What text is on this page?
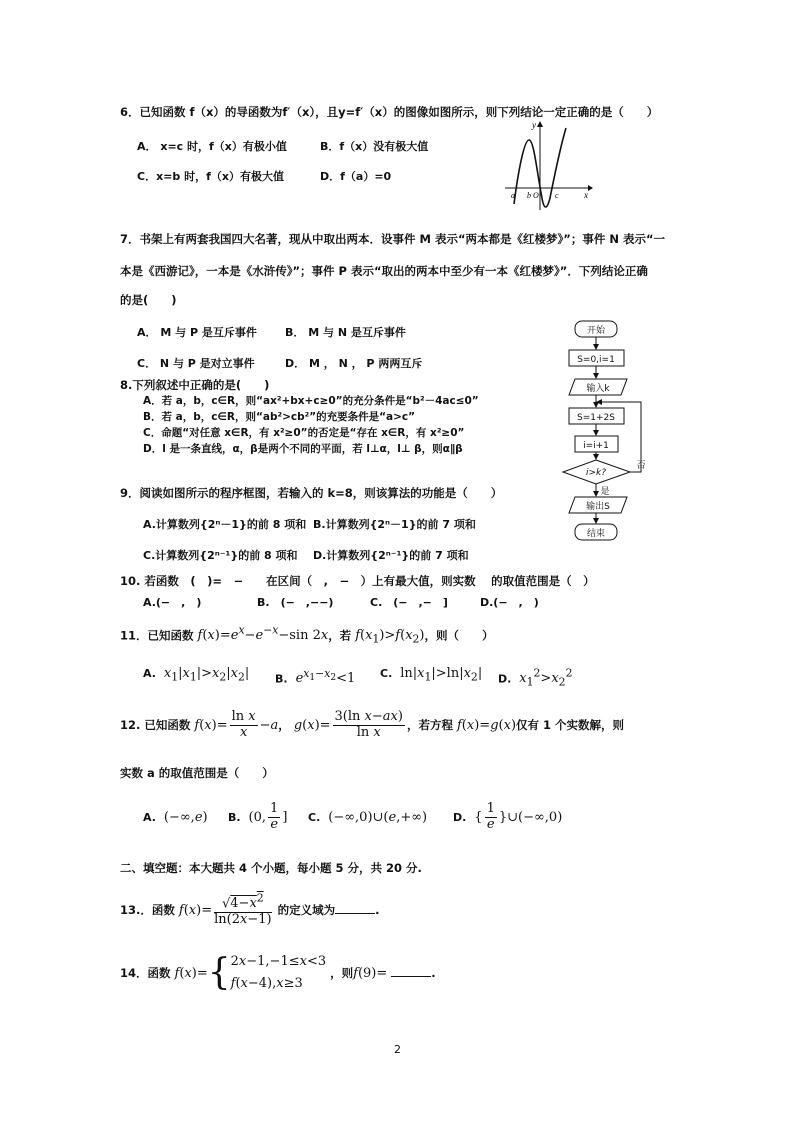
6．已知函数 f（x）的导函数为f′（x），且y=f′（x）的图像如图所示，则下列结论一定正确的是（　　）
A． x=c 时，f（x）有极小值	B．f（x）没有极大值
C．x=b 时，f（x）有极大值	D．f（a）=0
y
x
a b O c
7．书架上有两套我国四大名著，现从中取出两本．设事件 M 表示“两本都是《红楼梦》”；事件 N 表示“一
本是《西游记》，一本是《水浒传》”；事件 P 表示“取出的两本中至少有一本《红楼梦》”．下列结论正确
的是(　　)
A． M 与 P 是互斥事件	B． M 与 N 是互斥事件
C． N 与 P 是对立事件	D． M ， N ， P 两两互斥
8.下列叙述中正确的是(　　)
A．若 a，b，c∈R，则“ax²+bx+c≥0”的充分条件是“b²－4ac≤0”
B．若 a，b，c∈R，则“ab²>cb²”的充要条件是“a>c”
C．命题“对任意 x∈R，有 x²≥0”的否定是“存在 x∈R，有 x²≥0”
D．l 是一条直线，α，β是两个不同的平面，若 l⊥α，l⊥ β，则α∥β
开始
S=0,i=1
输入k
S=1+2S
i=i+1
i>k?
否
是
输出S
结束
9．阅读如图所示的程序框图，若输入的 k=8，则该算法的功能是（　　）
A.计算数列{2ⁿ－1}的前 8 项和 B.计算数列{2ⁿ－1}的前 7 项和
C.计算数列{2ⁿ⁻¹}的前 8 项和 D.计算数列{2ⁿ⁻¹}的前 7 项和
10. 若函数　(　)=　−　　在区间（　,　−　）上有最大值，则实数　 的取值范围是（　）
A.(−　,　)	B.　(−　,−−)	C.　(−　,−　]	D.(−　,　)
11．已知函数 $f(x)=e^x-e^{-x}-\sin$ 2x，若 $f(x_1)>f(x_2)$，则（　　）
A. $x_1|x_1|>x_2|x_2|$ B. $e^{x_1-x_2}<1$ C.  $\ln|x_1|>\ln|x_2|$ D. $x_1^2>x_2^2$
12. 已知函数 $f(x)= \frac{\text{ln x}}{x} -a$， $g(x)= \frac{\text{3(ln x−ax)}}{\text{ln x}}$ ，若方程 f(x)=g(x)仅有 1 个实数解，则
实数 a 的取值范围是（　　）
A.  (−∞,e) B.  (0, $\frac{1}{e}$ ] C.  (−∞,0)∪(e,+∞) D.  { $\frac{1}{e}$ }∪(−∞,0)
二、填空题：本大题共 4 个小题，每小题 5 分，共 20 分.
13.．函数 $f(x)= \frac{√4-x^2}{\ln(2x-1)}$ 的定义域为	.
14．函数 f(x)={2x−1,−1≤x<3
f(x−4),x≥3 ，则f(9)=	.
2
